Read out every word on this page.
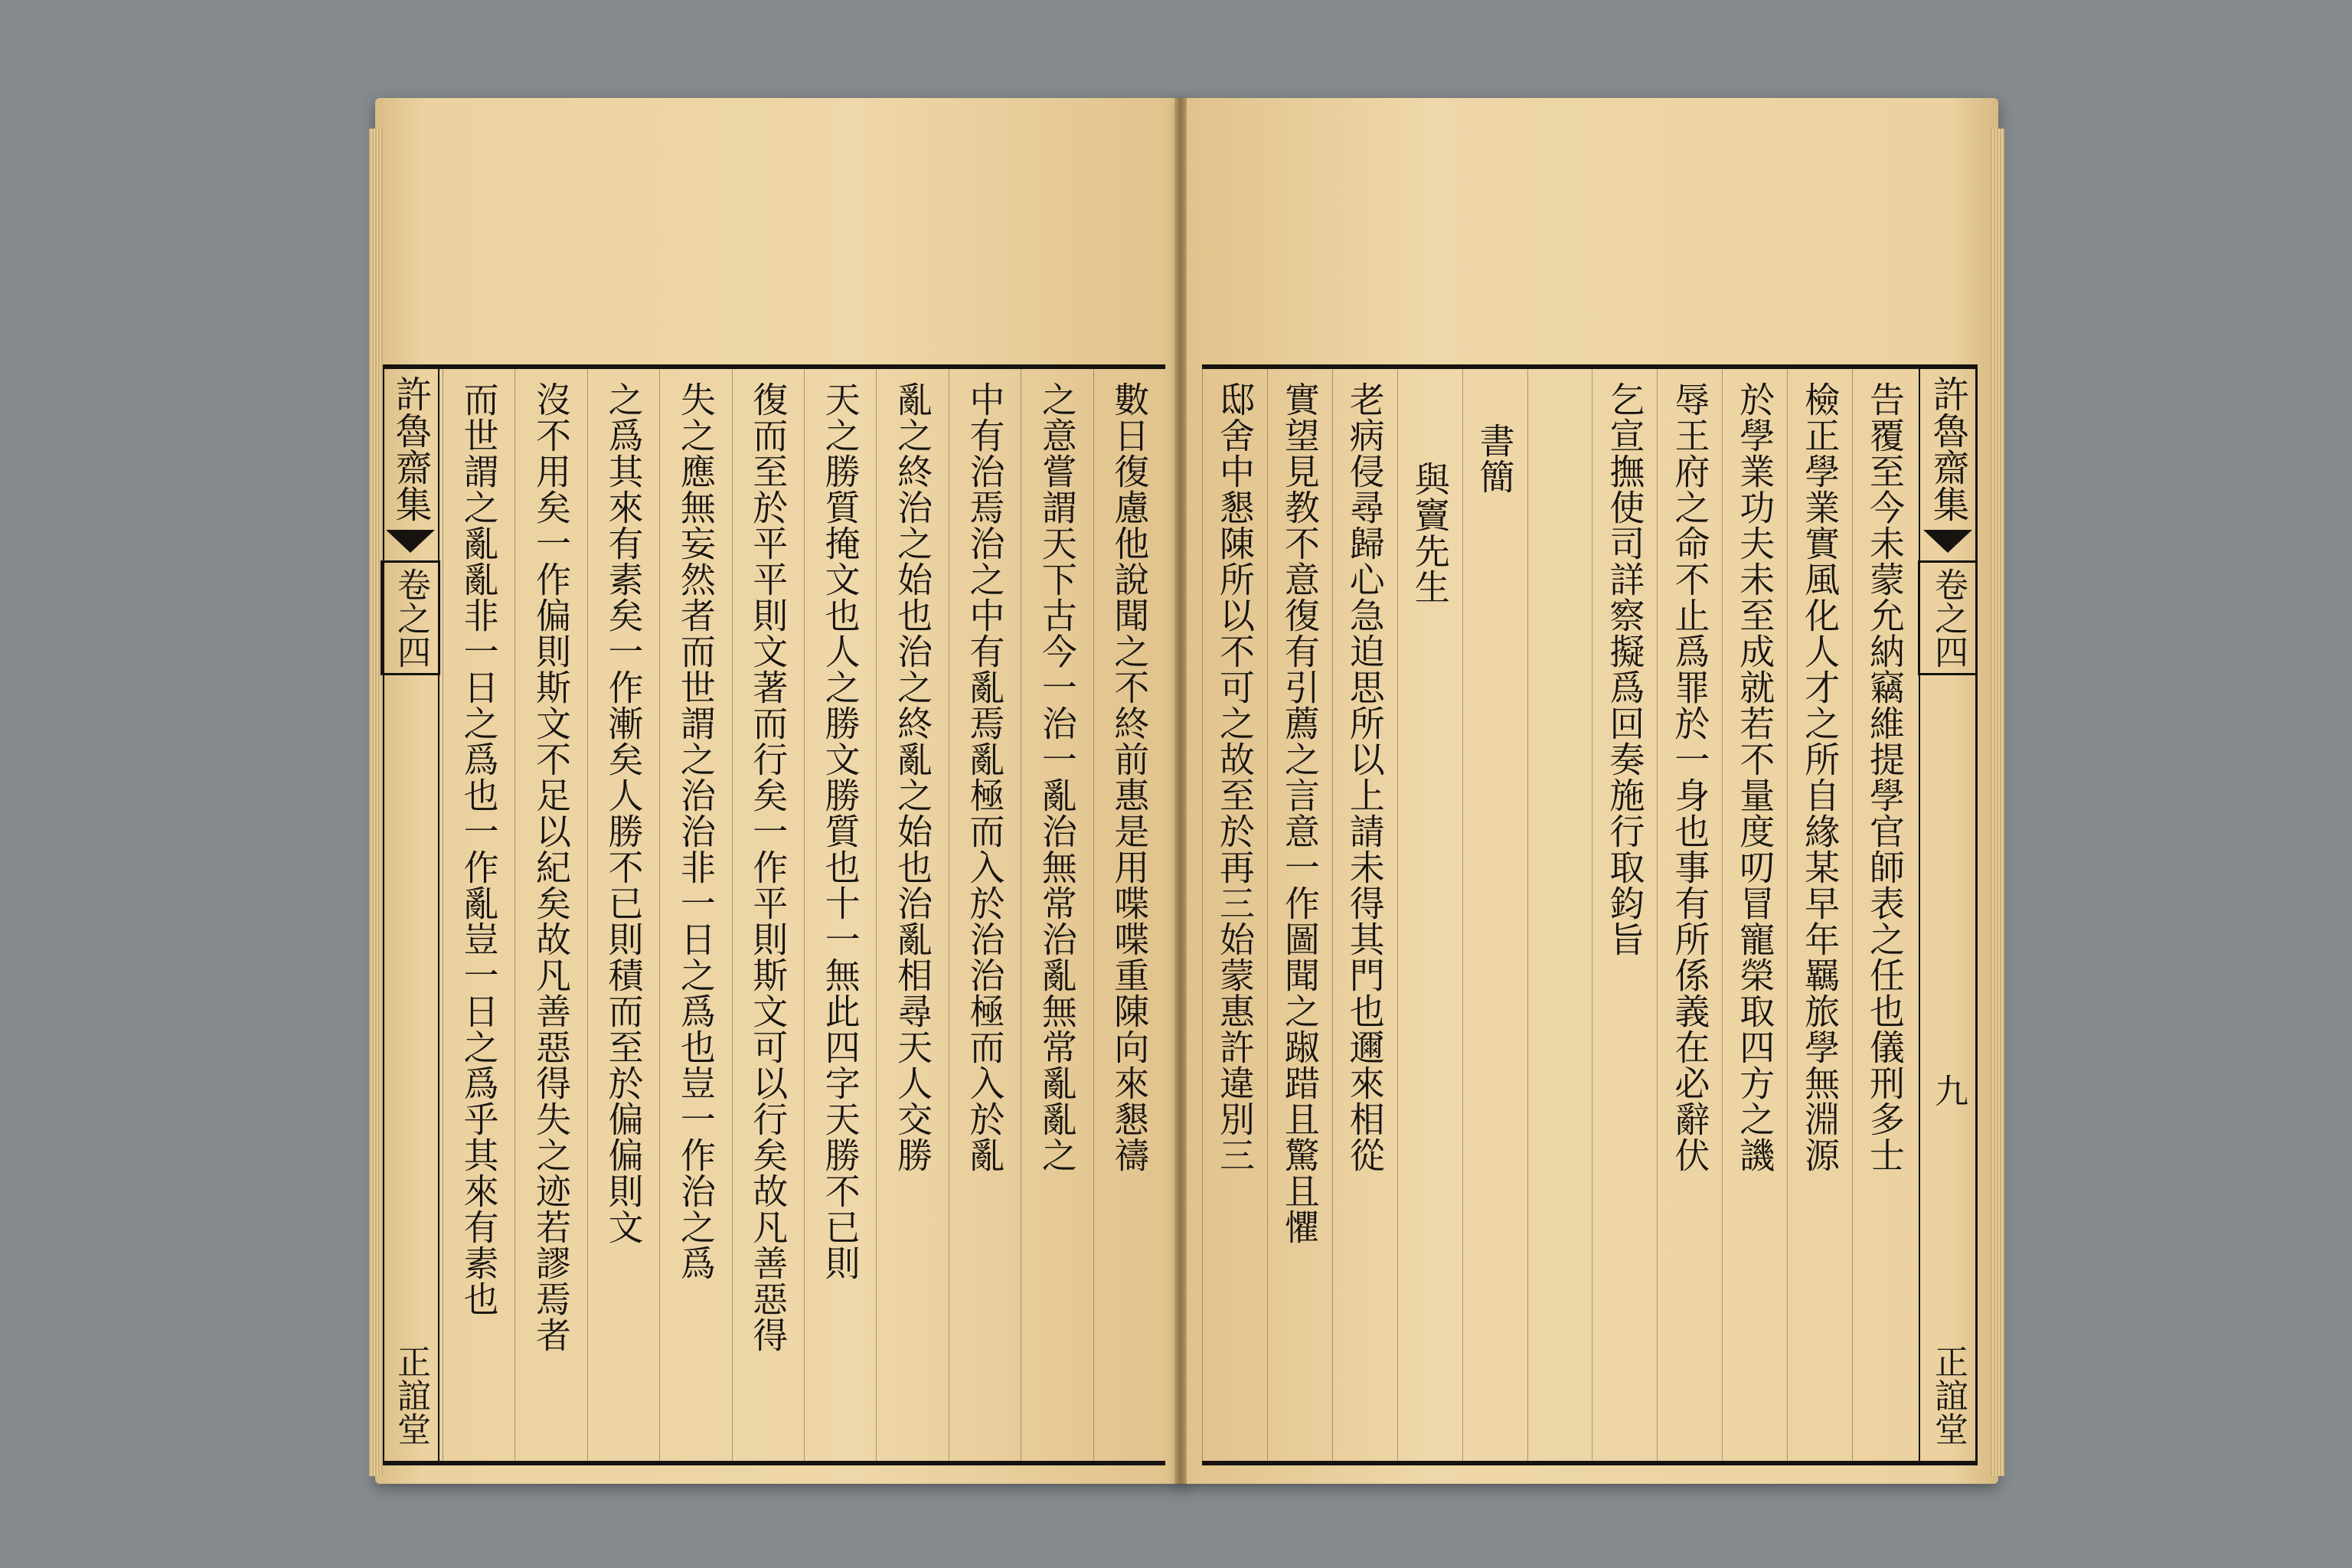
數日復慮他說聞之不終前惠是用喋喋重陳向來懇禱
之意嘗謂天下古今一治一亂治無常治亂無常亂亂之
中有治焉治之中有亂焉亂極而入於治治極而入於亂
亂之終治之始也治之終亂之始也治亂相尋天人交勝
天之勝質掩文也人之勝文勝質也十一無此四字天勝不已則
復而至於平平則文著而行矣一作平則斯文可以行矣故凡善惡得
失之應無妄然者而世謂之治治非一日之爲也豈一作治之爲
之爲其來有素矣一作漸矣人勝不已則積而至於偏偏則文
沒不用矣一作偏則斯文不足以紀矣故凡善惡得失之迹若謬焉者
而世謂之亂亂非一日之爲也一作亂豈一日之爲乎其來有素也
許魯齋集
卷之四
正誼堂
告覆至今未蒙允納竊維提學官師表之任也儀刑多士
檢正學業實風化人才之所自緣某早年羈旅學無淵源
於學業功夫未至成就若不量度叨冒寵榮取四方之譏
辱王府之命不止爲罪於一身也事有所係義在必辭伏
乞宣撫使司詳察擬爲回奏施行取鈞旨
書簡
與竇先生
老病侵尋歸心急迫思所以上請未得其門也邇來相從
實望見教不意復有引薦之言意一作圖聞之踧踖且驚且懼
邸舍中懇陳所以不可之故至於再三始蒙惠許違別三	許魯齋集
卷之四
九
正誼堂
